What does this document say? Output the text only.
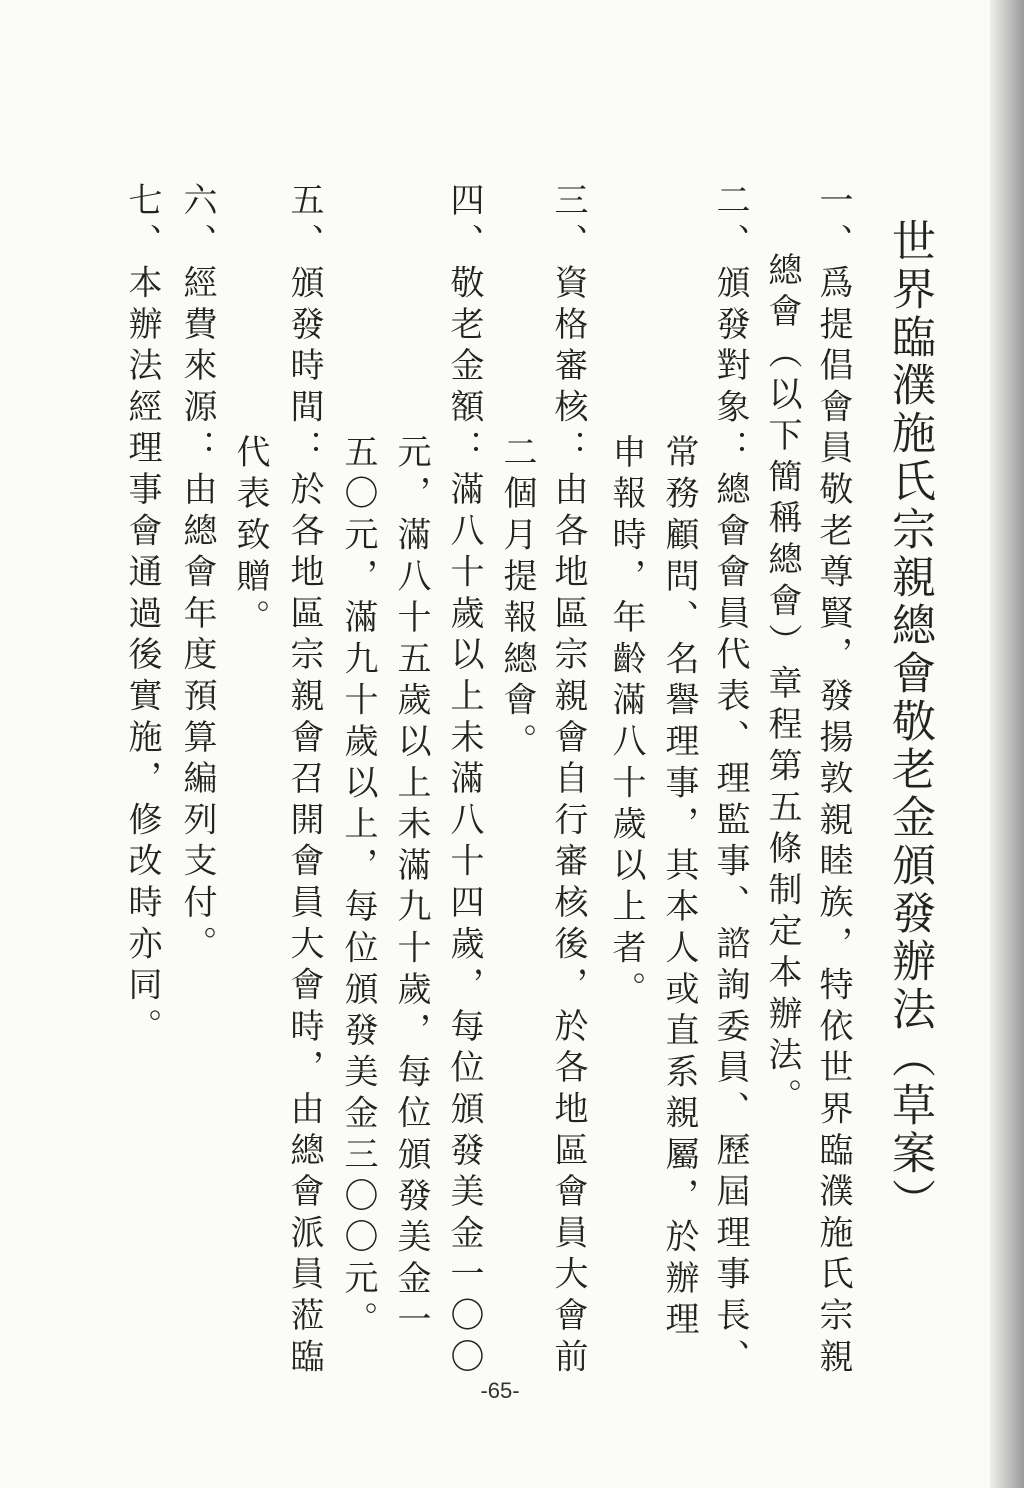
世界臨濮施氏宗親總會敬老金頒發辦法（草案）
一、爲提倡會員敬老尊賢，發揚敦親睦族，特依世界臨濮施氏宗親
總會（以下簡稱總會）章程第五條制定本辦法。
二、頒發對象：總會會員代表、理監事、諮詢委員、歷屆理事長、
常務顧問、名譽理事，其本人或直系親屬，於辦理
申報時，年齡滿八十歲以上者。
三、資格審核：由各地區宗親會自行審核後，於各地區會員大會前
二個月提報總會。
四、敬老金額：滿八十歲以上未滿八十四歲，每位頒發美金一〇〇
元，滿八十五歲以上未滿九十歲，每位頒發美金一
五〇元，滿九十歲以上，每位頒發美金三〇〇元。
五、頒發時間：於各地區宗親會召開會員大會時，由總會派員蒞臨
代表致贈。
六、經費來源：由總會年度預算編列支付。
七、本辦法經理事會通過後實施，修改時亦同。
-65-
